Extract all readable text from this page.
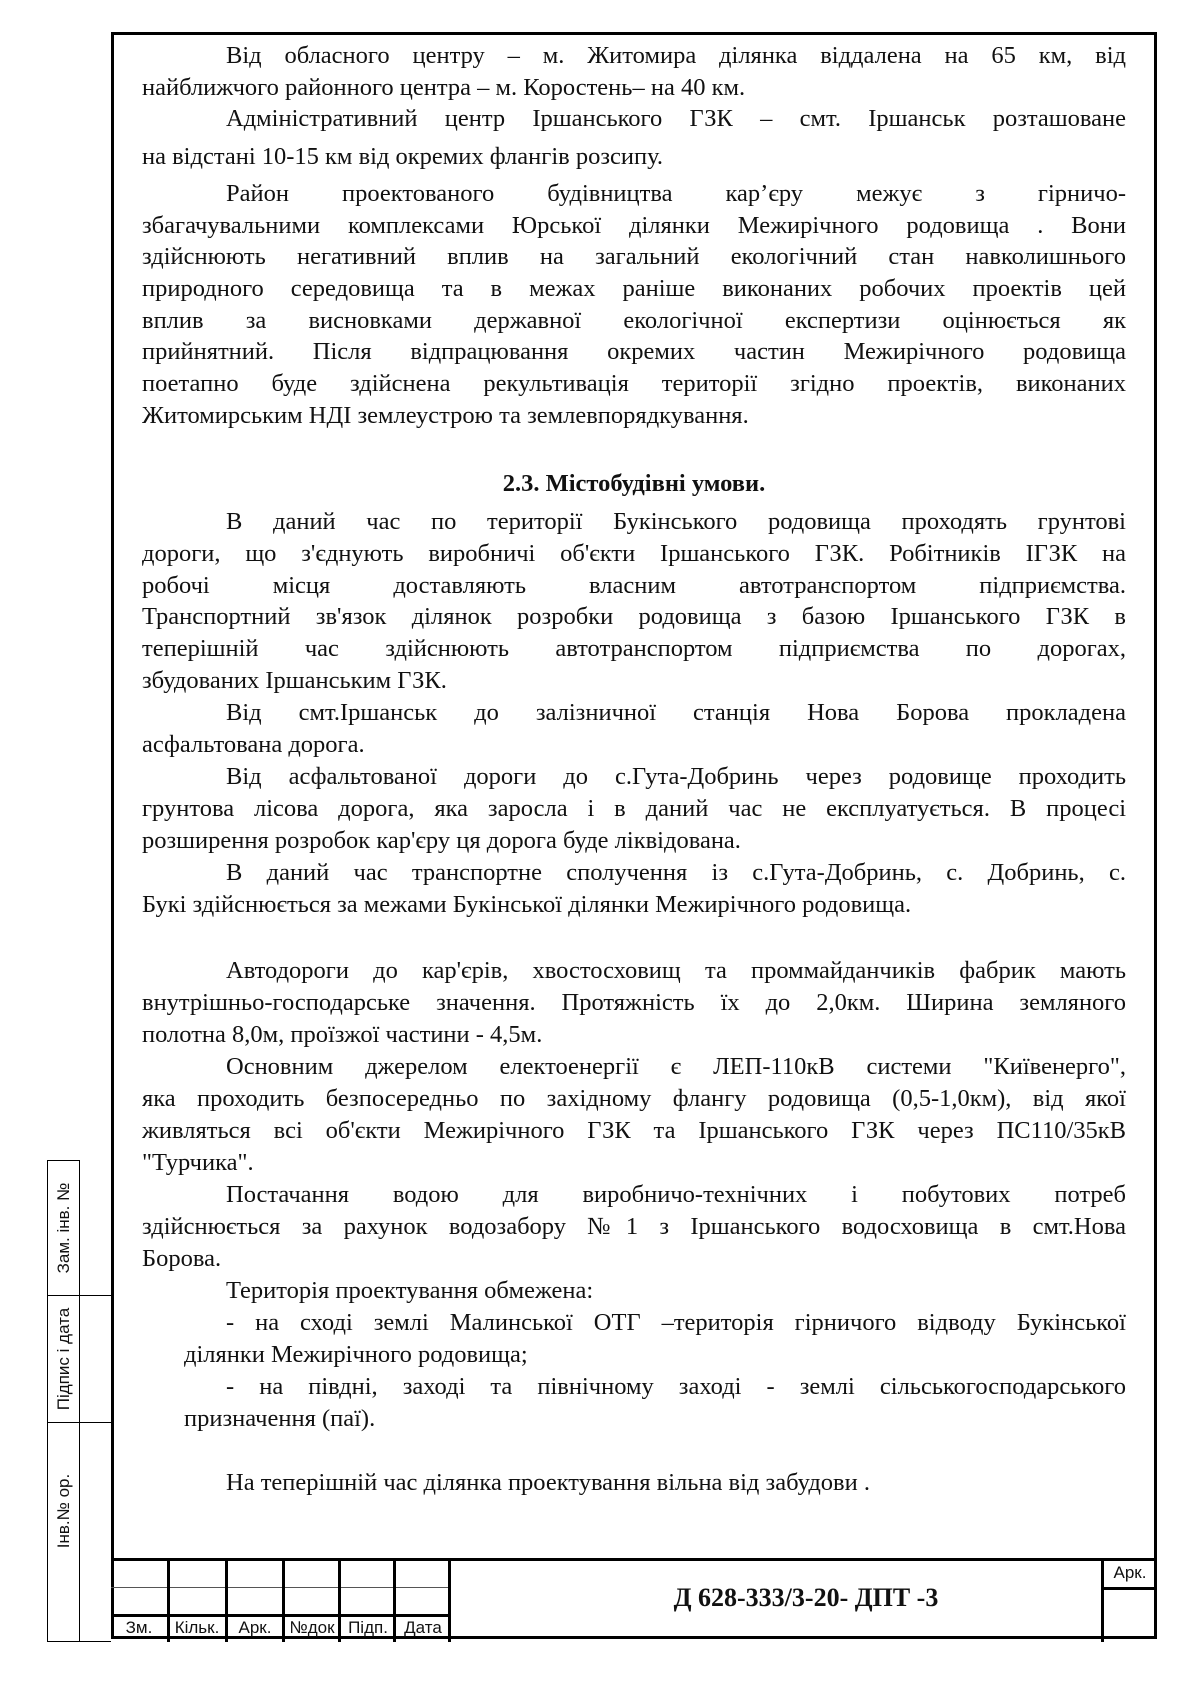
Від обласного центру – м. Житомира ділянка віддалена на 65 км, від
найближчого районного центра – м. Коростень– на 40 км.
Адміністративний центр Іршанського ГЗК – смт. Іршанськ розташоване
на відстані 10-15 км від окремих флангів розсипу.
Район проектованого будівництва кар’єру межує з гірничо-
збагачувальними комплексами Юрської ділянки Межирічного родовища . Вони
здійснюють негативний вплив на загальний екологічний стан навколишнього
природного середовища та в межах раніше виконаних робочих проектів цей
вплив за висновками державної екологічної експертизи оцінюється як
прийнятний. Після відпрацювання окремих частин Межирічного родовища
поетапно буде здійснена рекультивація території згідно проектів, виконаних
Житомирським НДІ землеустрою та землевпорядкування.
2.3. Містобудівні умови.
В даний час по території Букінського родовища проходять грунтові
дороги, що з'єднують виробничі об'єкти Іршанського ГЗК. Робітників ІГЗК на
робочі місця доставляють власним автотранспортом підприємства.
Транспортний зв'язок ділянок розробки родовища з базою Іршанського ГЗК в
теперішній час здійснюють автотранспортом підприємства по дорогах,
збудованих Іршанським ГЗК.
Від смт.Іршанськ до залізничної станція Нова Борова прокладена
асфальтована дорога.
Від асфальтованої дороги до с.Гута-Добринь через родовище проходить
грунтова лісова дорога, яка заросла і в даний час не експлуатується. В процесі
розширення розробок кар'єру ця дорога буде ліквідована.
В даний час транспортне сполучення із с.Гута-Добринь, с. Добринь, с.
Букі здійснюється за межами Букінської ділянки Межирічного родовища.
Автодороги до кар'єрів, хвостосховищ та проммайданчиків фабрик мають
внутрішньо-господарське значення. Протяжність їх до 2,0км. Ширина земляного
полотна 8,0м, проїзжої частини - 4,5м.
Основним джерелом електоенергії є ЛЕП-110кВ системи "Київенерго",
яка проходить безпосередньо по західному флангу родовища (0,5-1,0км), від якої
живляться всі об'єкти Межирічного ГЗК та Іршанського ГЗК через ПС110/35кВ
"Турчика".
Постачання водою для виробничо-технічних і побутових потреб
здійснюється за рахунок водозабору №1 з Іршанського водосховища в смт.Нова
Борова.
Територія проектування обмежена:
- на сході землі Малинської ОТГ –територія гірничого відводу Букінської
ділянки Межирічного родовища;
- на півдні, заході та північному заході - землі сільськогосподарського
призначення (паї).
На теперішній час ділянка проектування вільна від забудови .
Зам. інв. №
Підпис і дата
Інв.№ ор.
Зм.	Кільк.	Арк.	№док Підп. Дата
Д 628-333/3-20- ДПТ -3
Арк.
